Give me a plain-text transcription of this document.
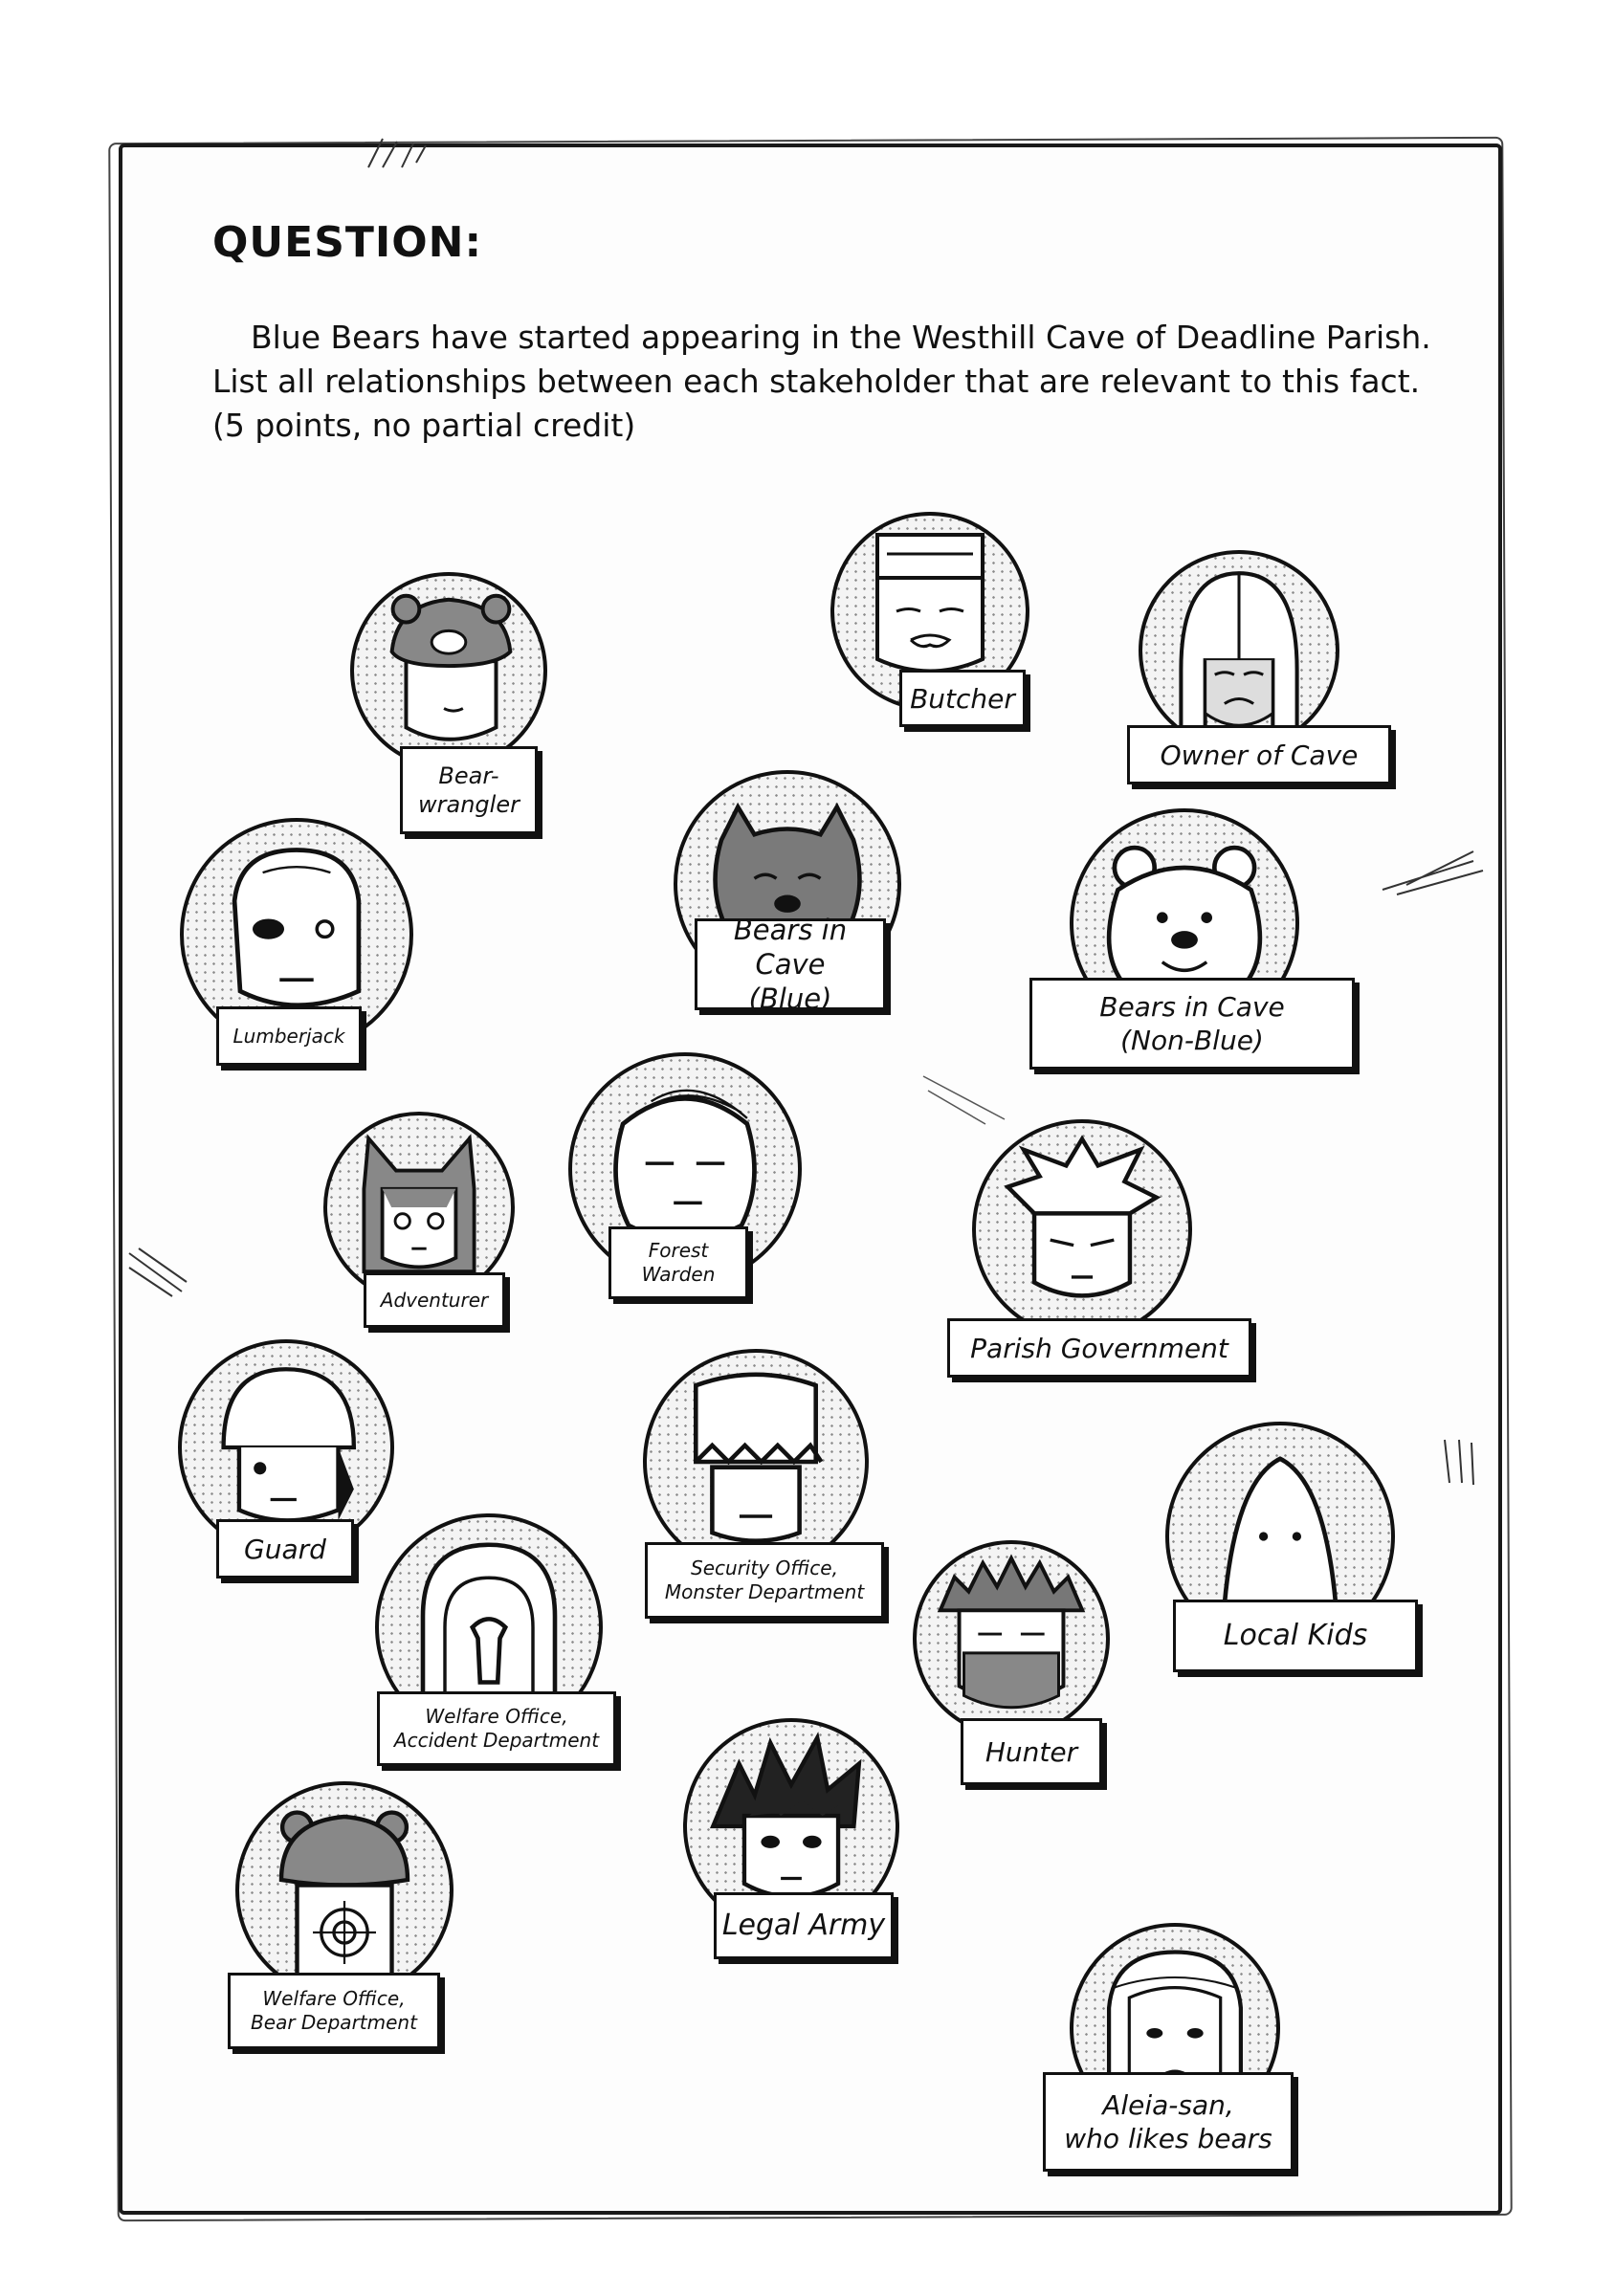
QUESTION:
Blue Bears have started appearing in the Westhill Cave of Deadline Parish. List all relationships between each stakeholder that are relevant to this fact. (5 points, no partial credit)
Butcher
Owner of Cave
Bear-
wrangler
Bears in Cave
(Blue)	Bears in Cave
(Non-Blue)
Lumberjack
Adventurer
Forest
Warden
Parish Government
Guard
Security Office,
Monster Department
Local Kids
Welfare Office,
Accident Department	Hunter
Legal Army
Welfare Office,
Bear Department
Aleia-san,
who likes bears
